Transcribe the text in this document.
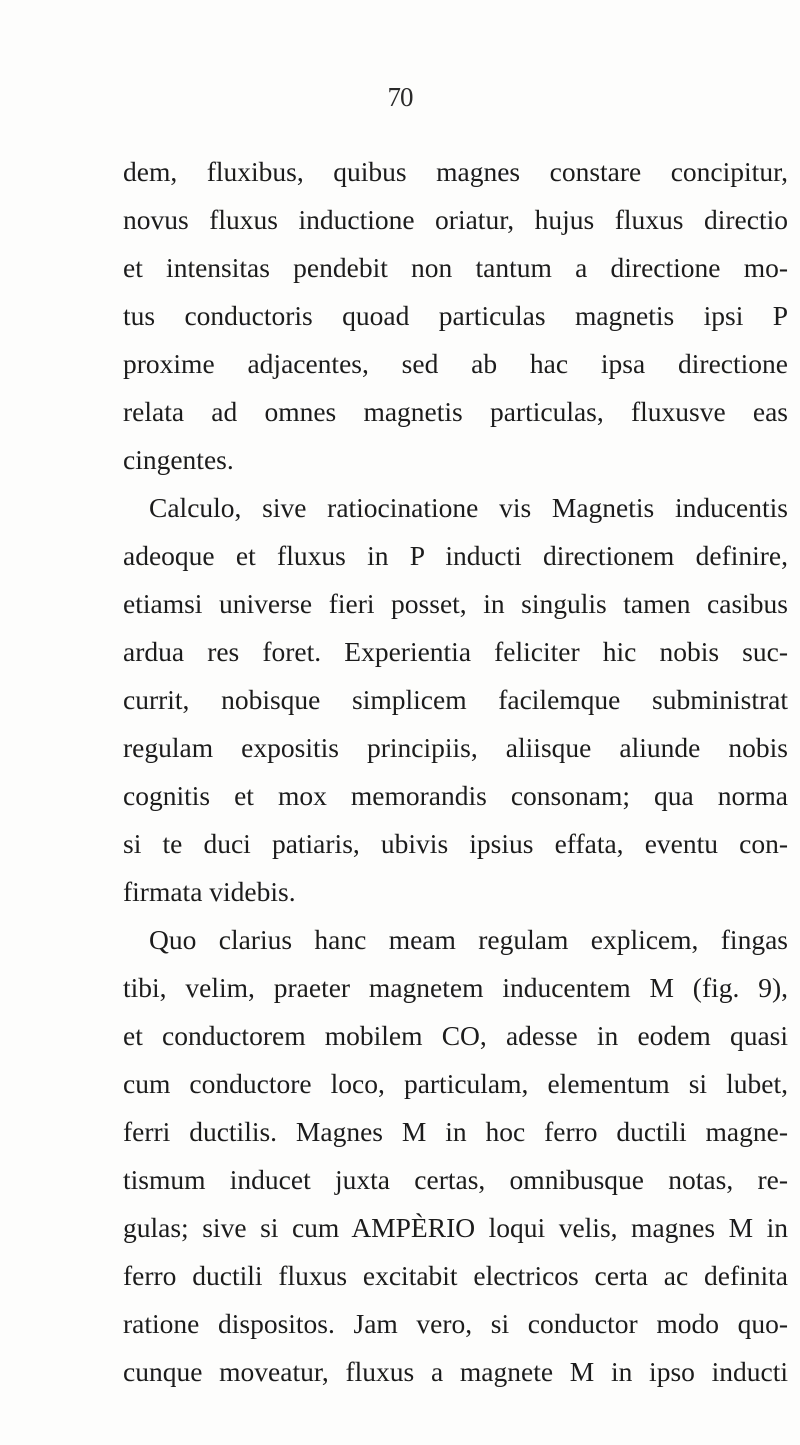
70
dem, fluxibus, quibus magnes constare concipitur,
novus fluxus inductione oriatur, hujus fluxus directio
et intensitas pendebit non tantum a directione mo-
tus conductoris quoad particulas magnetis ipsi P
proxime adjacentes, sed ab hac ipsa directione
relata ad omnes magnetis particulas, fluxusve eas
cingentes.
Calculo, sive ratiocinatione vis Magnetis inducentis
adeoque et fluxus in P inducti directionem definire,
etiamsi universe fieri posset, in singulis tamen casibus
ardua res foret. Experientia feliciter hic nobis suc-
currit, nobisque simplicem facilemque subministrat
regulam expositis principiis, aliisque aliunde nobis
cognitis et mox memorandis consonam; qua norma
si te duci patiaris, ubivis ipsius effata, eventu con-
firmata videbis.
Quo clarius hanc meam regulam explicem, fingas
tibi, velim, praeter magnetem inducentem M (fig. 9),
et conductorem mobilem CO, adesse in eodem quasi
cum conductore loco, particulam, elementum si lubet,
ferri ductilis. Magnes M in hoc ferro ductili magne-
tismum inducet juxta certas, omnibusque notas, re-
gulas; sive si cum AMPÈRIO loqui velis, magnes M in
ferro ductili fluxus excitabit electricos certa ac definita
ratione dispositos. Jam vero, si conductor modo quo-
cunque moveatur, fluxus a magnete M in ipso inducti
